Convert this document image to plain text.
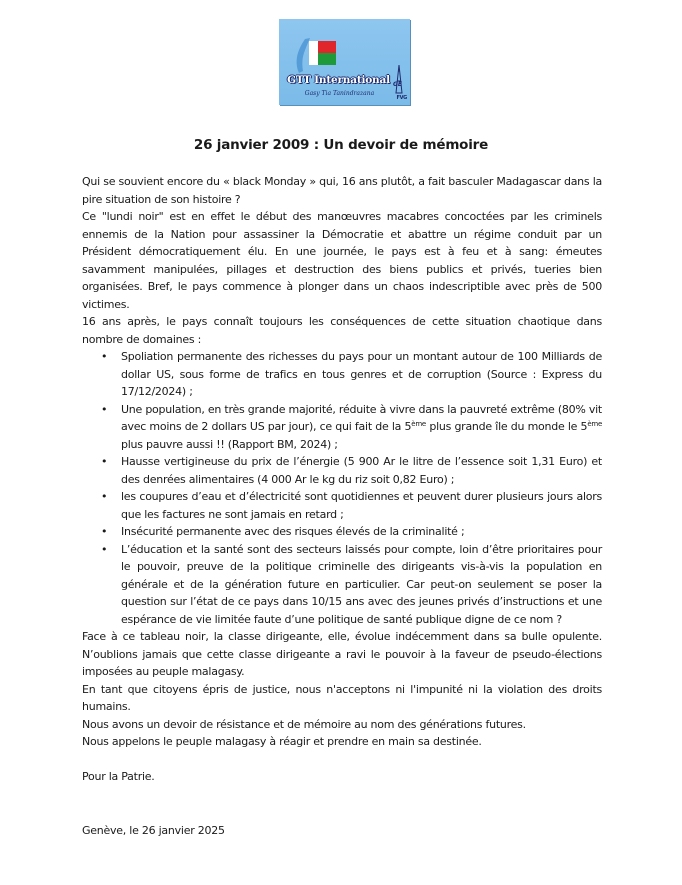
GTT International GE
Gasy Tia Tanindrazana
FVG
26 janvier 2009 : Un devoir de mémoire

Qui se souvient encore du « black Monday » qui, 16 ans plutôt, a fait basculer Madagascar dans la pire situation de son histoire ?

Ce "lundi noir" est en effet le début des manœuvres macabres concoctées par les criminels ennemis de la Nation pour assassiner la Démocratie et abattre un régime conduit par un Président démocratiquement élu. En une journée, le pays est à feu et à sang: émeutes savamment manipulées, pillages et destruction des biens publics et privés, tueries bien organisées. Bref, le pays commence à plonger dans un chaos indescriptible avec près de 500 victimes.

16 ans après, le pays connaît toujours les conséquences de cette situation chaotique dans nombre de domaines :

• Spoliation permanente des richesses du pays pour un montant autour de 100 Milliards de dollar US, sous forme de trafics en tous genres et de corruption (Source : Express du 17/12/2024) ;
• Une population, en très grande majorité, réduite à vivre dans la pauvreté extrême (80% vit avec moins de 2 dollars US par jour), ce qui fait de la 5ème plus grande île du monde le 5ème plus pauvre aussi !! (Rapport BM, 2024) ;
• Hausse vertigineuse du prix de l’énergie (5 900 Ar le litre de l’essence soit 1,31 Euro) et des denrées alimentaires (4 000 Ar le kg du riz soit 0,82 Euro) ;
• les coupures d’eau et d’électricité sont quotidiennes et peuvent durer plusieurs jours alors que les factures ne sont jamais en retard ;
• Insécurité permanente avec des risques élevés de la criminalité ;
• L’éducation et la santé sont des secteurs laissés pour compte, loin d’être prioritaires pour le pouvoir, preuve de la politique criminelle des dirigeants vis-à-vis la population en générale et de la génération future en particulier. Car peut-on seulement se poser la question sur l’état de ce pays dans 10/15 ans avec des jeunes privés d’instructions et une espérance de vie limitée faute d’une politique de santé publique digne de ce nom ?

Face à ce tableau noir, la classe dirigeante, elle, évolue indécemment dans sa bulle opulente. N’oublions jamais que cette classe dirigeante a ravi le pouvoir à la faveur de pseudo-élections imposées au peuple malagasy.

En tant que citoyens épris de justice, nous n'acceptons ni l'impunité ni la violation des droits humains.

Nous avons un devoir de résistance et de mémoire au nom des générations futures.

Nous appelons le peuple malagasy à réagir et prendre en main sa destinée.

Pour la Patrie.

Genève, le 26 janvier 2025
